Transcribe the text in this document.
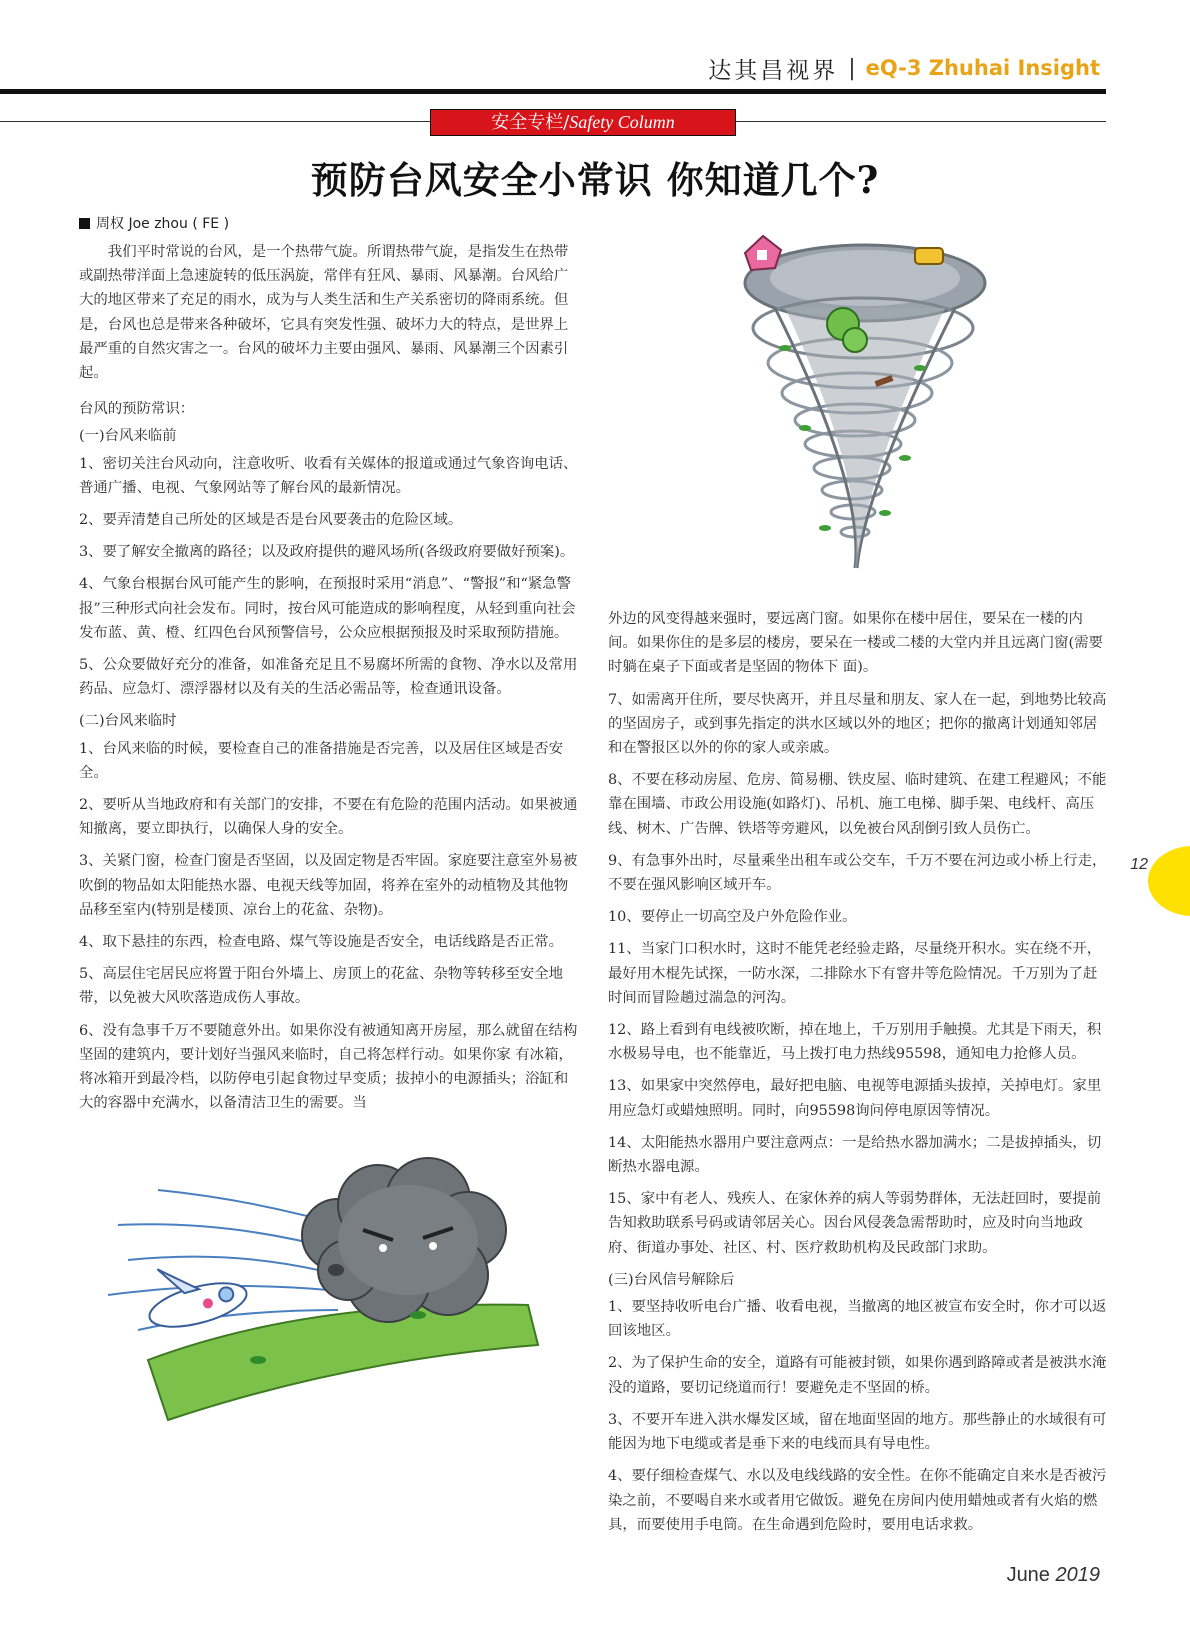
达其昌视界 | eQ-3 Zhuhai Insight
安全专栏/Safety Column
预防台风安全小常识 你知道几个?
周权 Joe zhou ( FE )

我们平时常说的台风，是一个热带气旋。所谓热带气旋，是指发生在热带或副热带洋面上急速旋转的低压涡旋，常伴有狂风、暴雨、风暴潮。台风给广大的地区带来了充足的雨水，成为与人类生活和生产关系密切的降雨系统。但是，台风也总是带来各种破坏，它具有突发性强、破坏力大的特点，是世界上最严重的自然灾害之一。台风的破坏力主要由强风、暴雨、风暴潮三个因素引起。

台风的预防常识：

(一)台风来临前

1、密切关注台风动向，注意收听、收看有关媒体的报道或通过气象咨询电话、普通广播、电视、气象网站等了解台风的最新情况。

2、要弄清楚自己所处的区域是否是台风要袭击的危险区域。

3、要了解安全撤离的路径；以及政府提供的避风场所(各级政府要做好预案)。

4、气象台根据台风可能产生的影响，在预报时采用“消息”、“警报”和“紧急警报”三种形式向社会发布。同时，按台风可能造成的影响程度，从轻到重向社会发布蓝、黄、橙、红四色台风预警信号，公众应根据预报及时采取预防措施。

5、公众要做好充分的准备，如准备充足且不易腐坏所需的食物、净水以及常用药品、应急灯、漂浮器材以及有关的生活必需品等，检查通讯设备。

(二)台风来临时

1、台风来临的时候，要检查自己的准备措施是否完善，以及居住区域是否安全。

2、要听从当地政府和有关部门的安排，不要在有危险的范围内活动。如果被通知撤离，要立即执行，以确保人身的安全。

3、关紧门窗，检查门窗是否坚固，以及固定物是否牢固。家庭要注意室外易被吹倒的物品如太阳能热水器、电视天线等加固，将养在室外的动植物及其他物品移至室内(特别是楼顶、凉台上的花盆、杂物)。

4、取下悬挂的东西，检查电路、煤气等设施是否安全，电话线路是否正常。

5、高层住宅居民应将置于阳台外墙上、房顶上的花盆、杂物等转移至安全地带，以免被大风吹落造成伤人事故。

6、没有急事千万不要随意外出。如果你没有被通知离开房屋，那么就留在结构坚固的建筑内，要计划好当强风来临时，自己将怎样行动。如果你家 有冰箱，将冰箱开到最冷档，以防停电引起食物过早变质；拔掉小的电源插头；浴缸和大的容器中充满水，以备清洁卫生的需要。当

外边的风变得越来强时，要远离门窗。如果你在楼中居住，要呆在一楼的内间。如果你住的是多层的楼房，要呆在一楼或二楼的大堂内并且远离门窗(需要时躺在桌子下面或者是坚固的物体下 面)。

7、如需离开住所，要尽快离开，并且尽量和朋友、家人在一起，到地势比较高的坚固房子，或到事先指定的洪水区域以外的地区；把你的撤离计划通知邻居和在警报区以外的你的家人或亲戚。

8、不要在移动房屋、危房、简易棚、铁皮屋、临时建筑、在建工程避风；不能靠在围墙、市政公用设施(如路灯)、吊机、施工电梯、脚手架、电线杆、高压线、树木、广告牌、铁塔等旁避风，以免被台风刮倒引致人员伤亡。

9、有急事外出时，尽量乘坐出租车或公交车，千万不要在河边或小桥上行走，不要在强风影响区域开车。

10、要停止一切高空及户外危险作业。

11、当家门口积水时，这时不能凭老经验走路，尽量绕开积水。实在绕不开，最好用木棍先试探，一防水深，二排除水下有窨井等危险情况。千万别为了赶时间而冒险趟过湍急的河沟。

12、路上看到有电线被吹断，掉在地上，千万别用手触摸。尤其是下雨天，积水极易导电，也不能靠近，马上拨打电力热线95598，通知电力抢修人员。

13、如果家中突然停电，最好把电脑、电视等电源插头拔掉，关掉电灯。家里用应急灯或蜡烛照明。同时，向95598询问停电原因等情况。

14、太阳能热水器用户要注意两点：一是给热水器加满水；二是拔掉插头，切断热水器电源。

15、家中有老人、残疾人、在家休养的病人等弱势群体，无法赶回时，要提前告知救助联系号码或请邻居关心。因台风侵袭急需帮助时，应及时向当地政府、街道办事处、社区、村、医疗救助机构及民政部门求助。

(三)台风信号解除后

1、要坚持收听电台广播、收看电视，当撤离的地区被宣布安全时，你才可以返回该地区。

2、为了保护生命的安全，道路有可能被封锁，如果你遇到路障或者是被洪水淹没的道路，要切记绕道而行！要避免走不坚固的桥。

3、不要开车进入洪水爆发区域，留在地面坚固的地方。那些静止的水域很有可能因为地下电缆或者是垂下来的电线而具有导电性。

4、要仔细检查煤气、水以及电线线路的安全性。在你不能确定自来水是否被污染之前，不要喝自来水或者用它做饭。避免在房间内使用蜡烛或者有火焰的燃具，而要使用手电筒。在生命遇到危险时，要用电话求救。

12
June 2019
